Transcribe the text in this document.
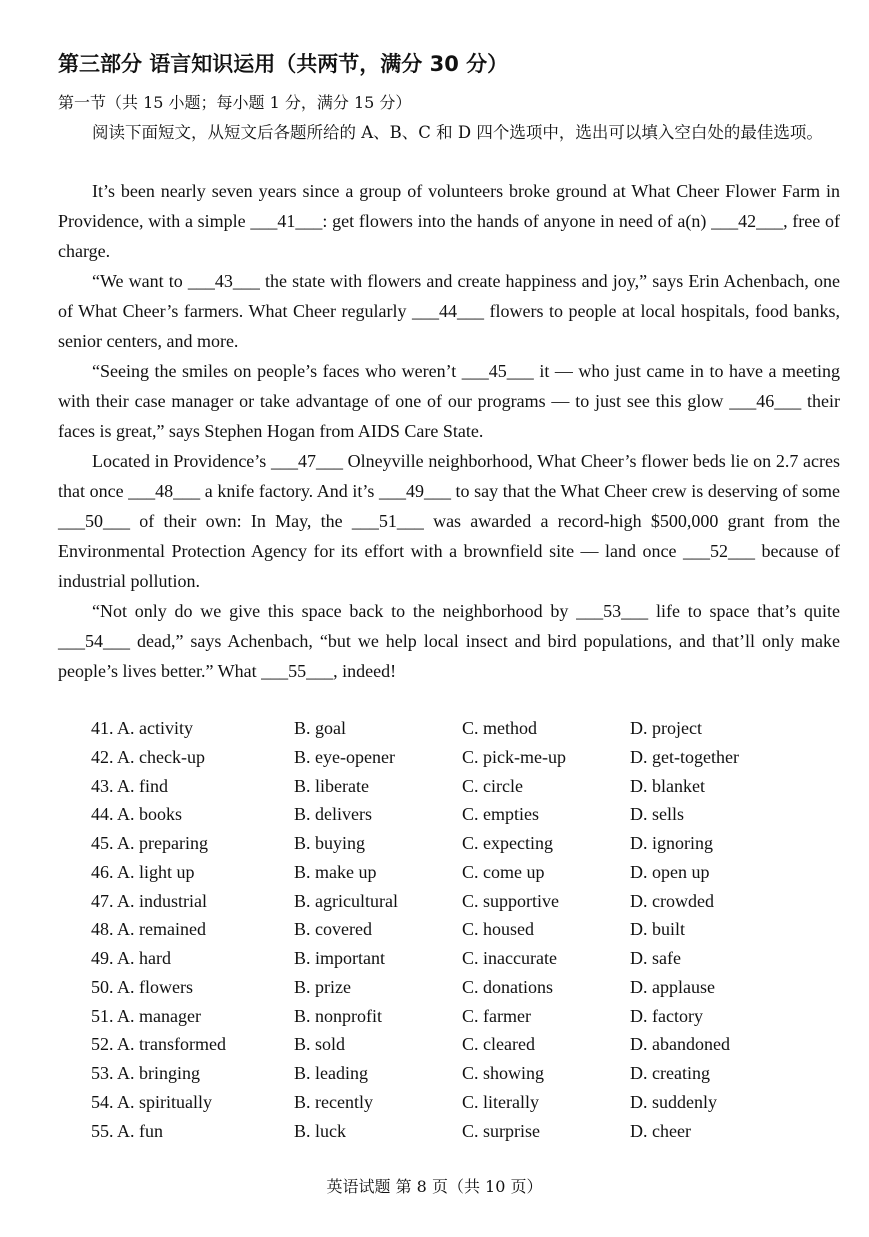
第三部分 语言知识运用（共两节，满分 30 分）
第一节（共 15 小题；每小题 1 分，满分 15 分）
阅读下面短文，从短文后各题所给的 A、B、C 和 D 四个选项中，选出可以填入空白处的最佳选项。

It’s been nearly seven years since a group of volunteers broke ground at What Cheer Flower Farm in Providence, with a simple ___41___: get flowers into the hands of anyone in need of a(n) ___42___, free of charge.

“We want to ___43___ the state with flowers and create happiness and joy,” says Erin Achenbach, one of What Cheer’s farmers. What Cheer regularly ___44___ flowers to people at local hospitals, food banks, senior centers, and more.

“Seeing the smiles on people’s faces who weren’t ___45___ it — who just came in to have a meeting with their case manager or take advantage of one of our programs — to just see this glow ___46___ their faces is great,” says Stephen Hogan from AIDS Care State.

Located in Providence’s ___47___ Olneyville neighborhood, What Cheer’s flower beds lie on 2.7 acres that once ___48___ a knife factory. And it’s ___49___ to say that the What Cheer crew is deserving of some ___50___ of their own: In May, the ___51___ was awarded a record-high $500,000 grant from the Environmental Protection Agency for its effort with a brownfield site — land once ___52___ because of industrial pollution.

“Not only do we give this space back to the neighborhood by ___53___ life to space that’s quite ___54___ dead,” says Achenbach, “but we help local insect and bird populations, and that’ll only make people’s lives better.” What ___55___, indeed!

41. A. activity	B. goal	C. method	D. project
42. A. check-up	B. eye-opener	C. pick-me-up	D. get-together
43. A. find	B. liberate	C. circle	D. blanket
44. A. books	B. delivers	C. empties	D. sells
45. A. preparing	B. buying	C. expecting	D. ignoring
46. A. light up	B. make up	C. come up	D. open up
47. A. industrial	B. agricultural	C. supportive	D. crowded
48. A. remained	B. covered	C. housed	D. built
49. A. hard	B. important	C. inaccurate	D. safe
50. A. flowers	B. prize	C. donations	D. applause
51. A. manager	B. nonprofit	C. farmer	D. factory
52. A. transformed	B. sold	C. cleared	D. abandoned
53. A. bringing	B. leading	C. showing	D. creating
54. A. spiritually	B. recently	C. literally	D. suddenly
55. A. fun	B. luck	C. surprise	D. cheer
英语试题 第 8 页（共 10 页）
